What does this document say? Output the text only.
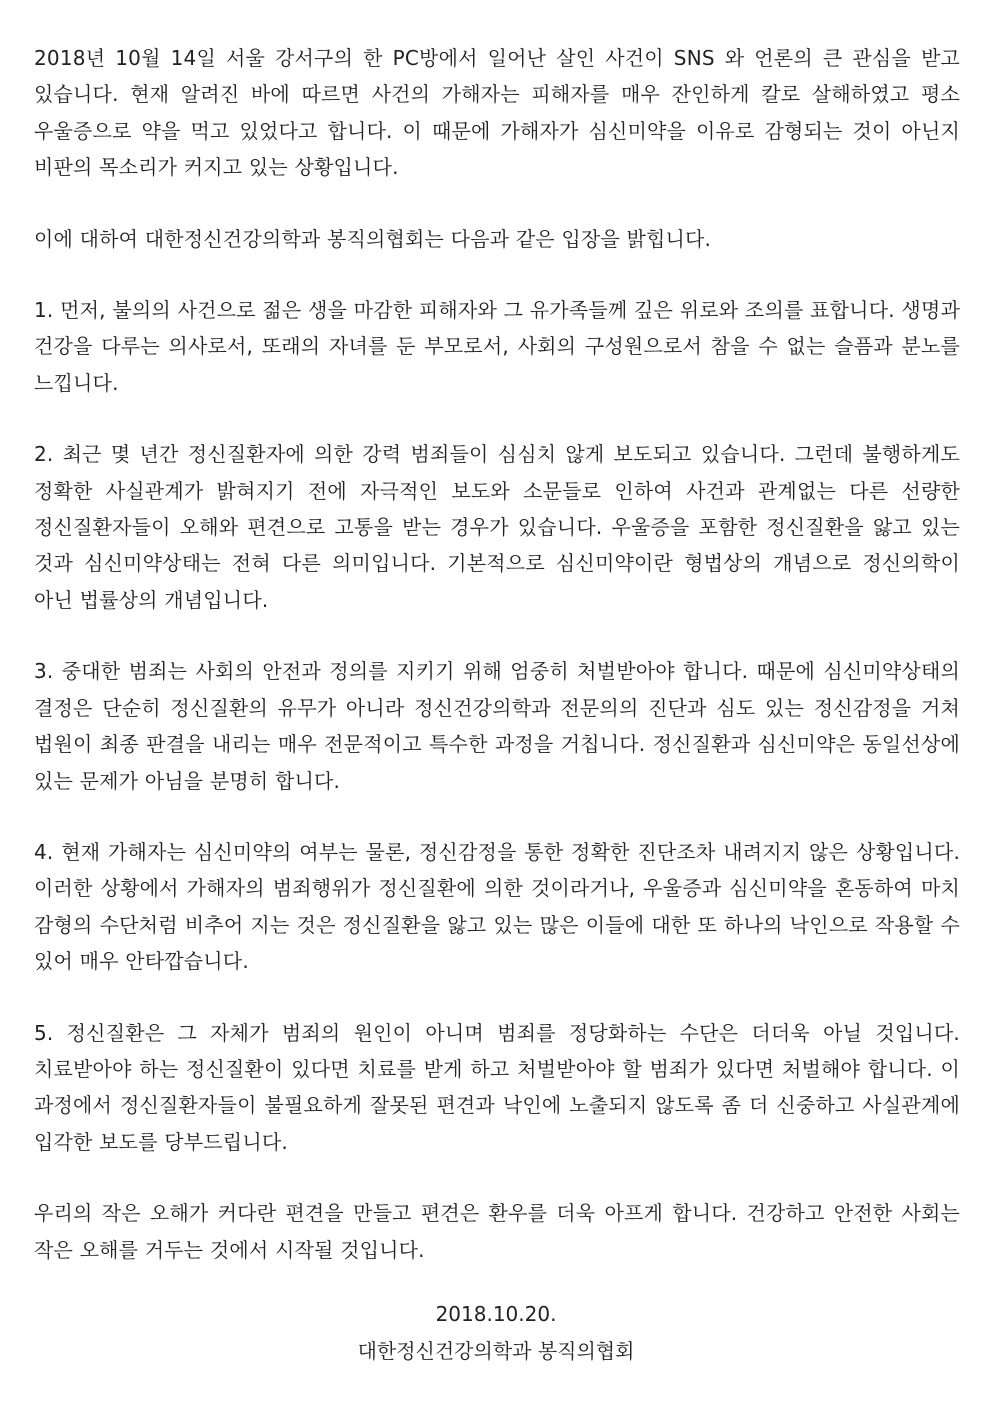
2018년 10월 14일 서울 강서구의 한 PC방에서 일어난 살인 사건이 SNS 와 언론의 큰 관심을 받고 있습니다. 현재 알려진 바에 따르면 사건의 가해자는 피해자를 매우 잔인하게 칼로 살해하였고 평소 우울증으로 약을 먹고 있었다고 합니다. 이 때문에 가해자가 심신미약을 이유로 감형되는 것이 아닌지 비판의 목소리가 커지고 있는 상황입니다.

이에 대하여 대한정신건강의학과 봉직의협회는 다음과 같은 입장을 밝힙니다.

1. 먼저, 불의의 사건으로 젊은 생을 마감한 피해자와 그 유가족들께 깊은 위로와 조의를 표합니다. 생명과 건강을 다루는 의사로서, 또래의 자녀를 둔 부모로서, 사회의 구성원으로서 참을 수 없는 슬픔과 분노를 느낍니다.

2. 최근 몇 년간 정신질환자에 의한 강력 범죄들이 심심치 않게 보도되고 있습니다. 그런데 불행하게도 정확한 사실관계가 밝혀지기 전에 자극적인 보도와 소문들로 인하여 사건과 관계없는 다른 선량한 정신질환자들이 오해와 편견으로 고통을 받는 경우가 있습니다. 우울증을 포함한 정신질환을 앓고 있는 것과 심신미약상태는 전혀 다른 의미입니다. 기본적으로 심신미약이란 형법상의 개념으로 정신의학이 아닌 법률상의 개념입니다.

3. 중대한 범죄는 사회의 안전과 정의를 지키기 위해 엄중히 처벌받아야 합니다. 때문에 심신미약상태의 결정은 단순히 정신질환의 유무가 아니라 정신건강의학과 전문의의 진단과 심도 있는 정신감정을 거쳐 법원이 최종 판결을 내리는 매우 전문적이고 특수한 과정을 거칩니다. 정신질환과 심신미약은 동일선상에 있는 문제가 아님을 분명히 합니다.

4. 현재 가해자는 심신미약의 여부는 물론, 정신감정을 통한 정확한 진단조차 내려지지 않은 상황입니다. 이러한 상황에서 가해자의 범죄행위가 정신질환에 의한 것이라거나, 우울증과 심신미약을 혼동하여 마치 감형의 수단처럼 비추어 지는 것은 정신질환을 앓고 있는 많은 이들에 대한 또 하나의 낙인으로 작용할 수 있어 매우 안타깝습니다.

5. 정신질환은 그 자체가 범죄의 원인이 아니며 범죄를 정당화하는 수단은 더더욱 아닐 것입니다. 치료받아야 하는 정신질환이 있다면 치료를 받게 하고 처벌받아야 할 범죄가 있다면 처벌해야 합니다. 이 과정에서 정신질환자들이 불필요하게 잘못된 편견과 낙인에 노출되지 않도록 좀 더 신중하고 사실관계에 입각한 보도를 당부드립니다.

우리의 작은 오해가 커다란 편견을 만들고 편견은 환우를 더욱 아프게 합니다. 건강하고 안전한 사회는 작은 오해를 거두는 것에서 시작될 것입니다.

2018.10.20.
대한정신건강의학과 봉직의협회
